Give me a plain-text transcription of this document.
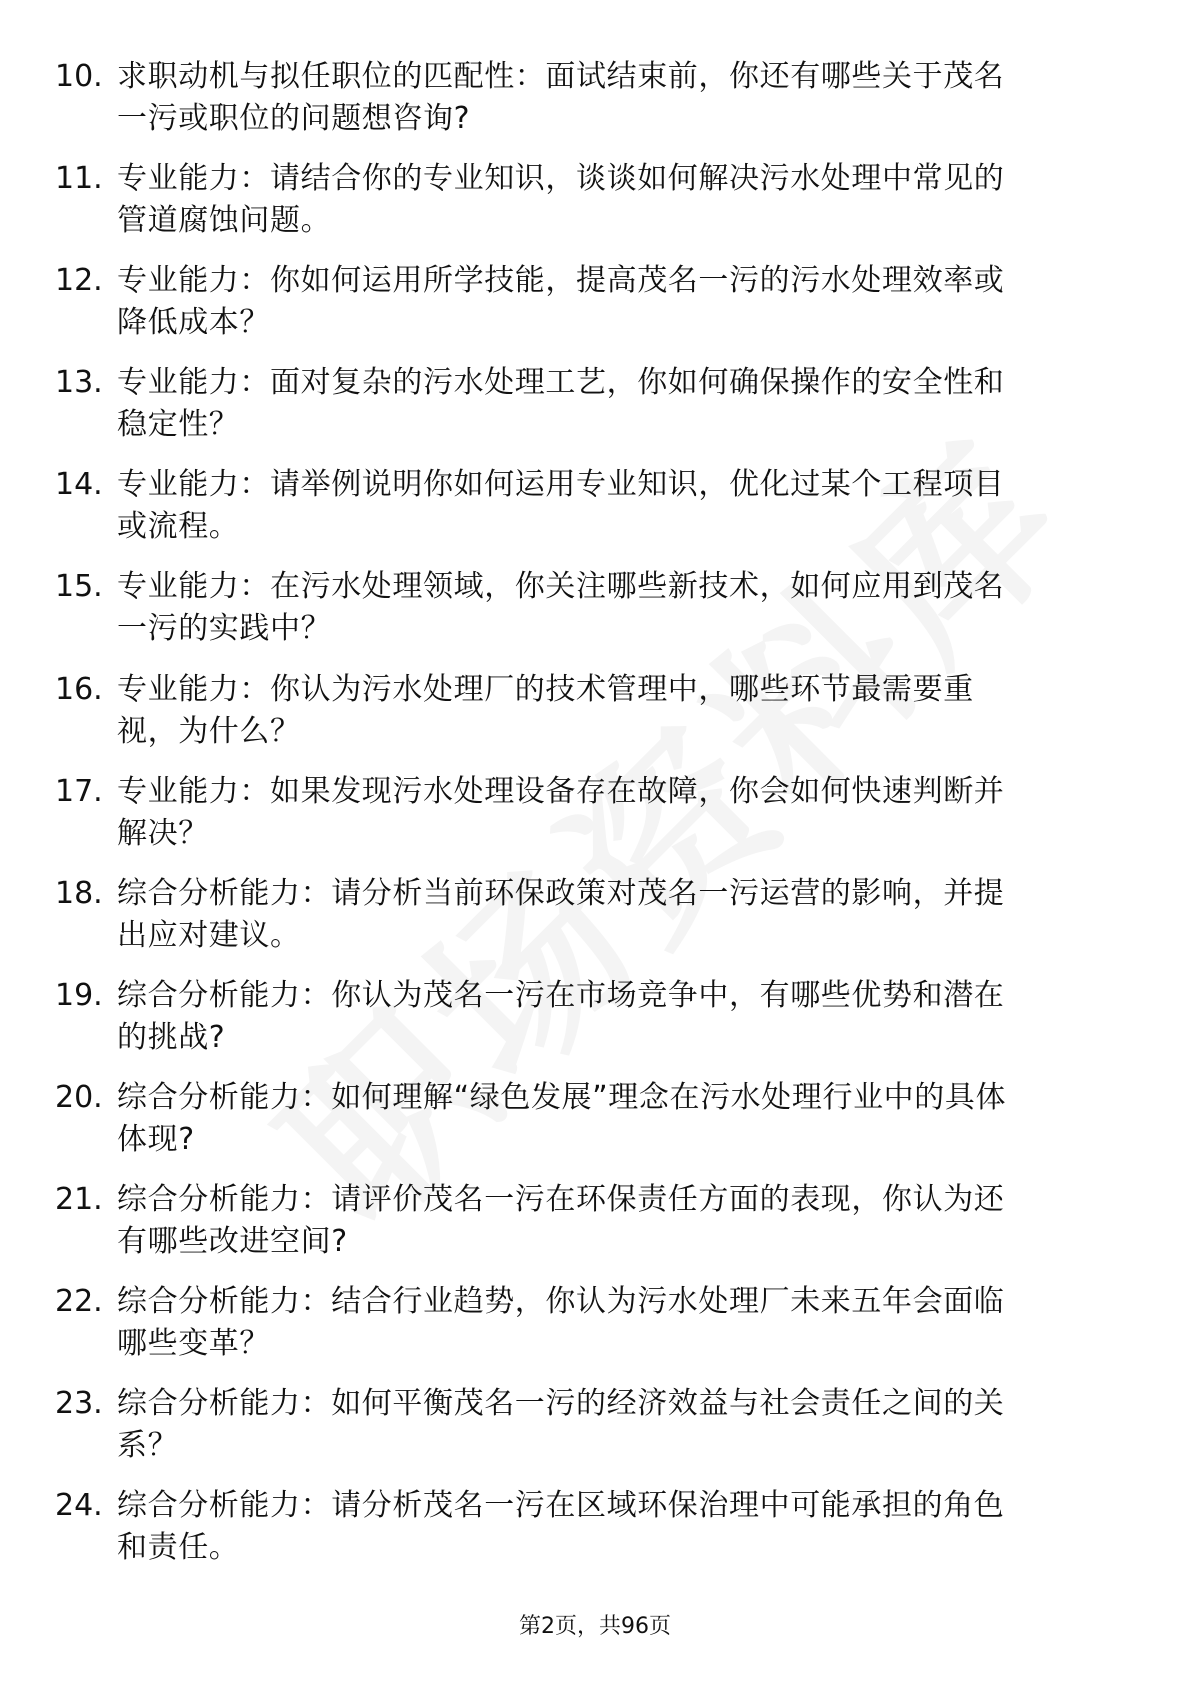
10. 求职动机与拟任职位的匹配性：面试结束前，你还有哪些关于茂名一污或职位的问题想咨询?
11. 专业能力：请结合你的专业知识，谈谈如何解决污水处理中常见的管道腐蚀问题。
12. 专业能力：你如何运用所学技能，提高茂名一污的污水处理效率或降低成本？
13. 专业能力：面对复杂的污水处理工艺，你如何确保操作的安全性和稳定性？
14. 专业能力：请举例说明你如何运用专业知识，优化过某个工程项目或流程。
15. 专业能力：在污水处理领域，你关注哪些新技术，如何应用到茂名一污的实践中？
16. 专业能力：你认为污水处理厂的技术管理中，哪些环节最需要重视，为什么？
17. 专业能力：如果发现污水处理设备存在故障，你会如何快速判断并解决？
18. 综合分析能力：请分析当前环保政策对茂名一污运营的影响，并提出应对建议。
19. 综合分析能力：你认为茂名一污在市场竞争中，有哪些优势和潜在的挑战?
20. 综合分析能力：如何理解“绿色发展”理念在污水处理行业中的具体体现?
21. 综合分析能力：请评价茂名一污在环保责任方面的表现，你认为还有哪些改进空间?
22. 综合分析能力：结合行业趋势，你认为污水处理厂未来五年会面临哪些变革？
23. 综合分析能力：如何平衡茂名一污的经济效益与社会责任之间的关系？
24. 综合分析能力：请分析茂名一污在区域环保治理中可能承担的角色和责任。
第2页，共96页
